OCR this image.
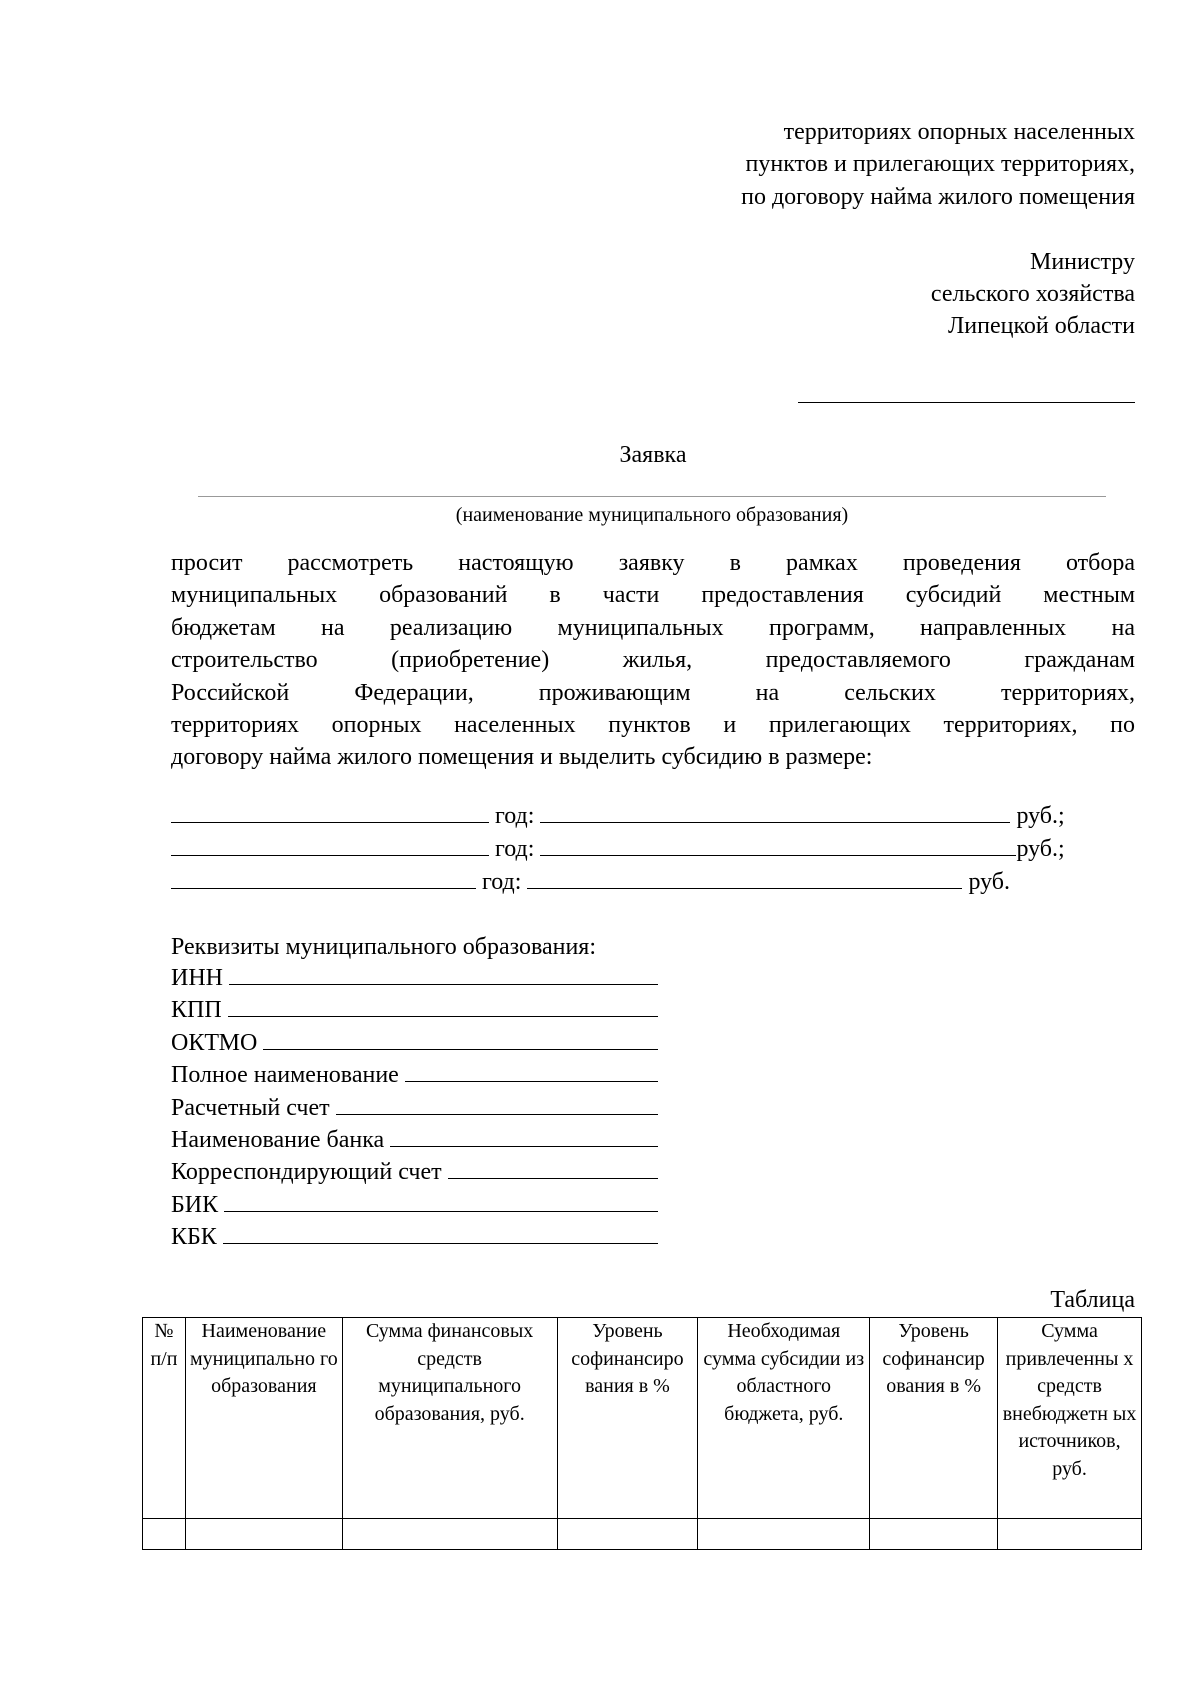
территориях опорных населенных
пунктов и прилегающих территориях,
по договору найма жилого помещения
Министру
сельского хозяйства
Липецкой области
Заявка
(наименование муниципального образования)
просит рассмотреть настоящую заявку в рамках проведения отбора
муниципальных образований в части предоставления субсидий местным
бюджетам на реализацию муниципальных программ, направленных на
строительство (приобретение) жилья, предоставляемого гражданам
Российской Федерации, проживающим на сельских территориях,
территориях опорных населенных пунктов и прилегающих территориях, по
договору найма жилого помещения и выделить субсидию в размере:
год:	руб.;
год:	руб.;
год:	руб.
Реквизиты муниципального образования:
ИНН
КПП
ОКТМО
Полное наименование
Расчетный счет
Наименование банка
Корреспондирующий счет
БИК
КБК
Таблица
№ п/п	Наименование муниципально го образования	Сумма финансовых средств муниципального образования, руб.	Уровень софинансиро вания в %	Необходимая сумма субсидии из областного бюджета, руб.	Уровень софинансир ования в %	Сумма привлеченны х средств внебюджетн ых источников, руб.
